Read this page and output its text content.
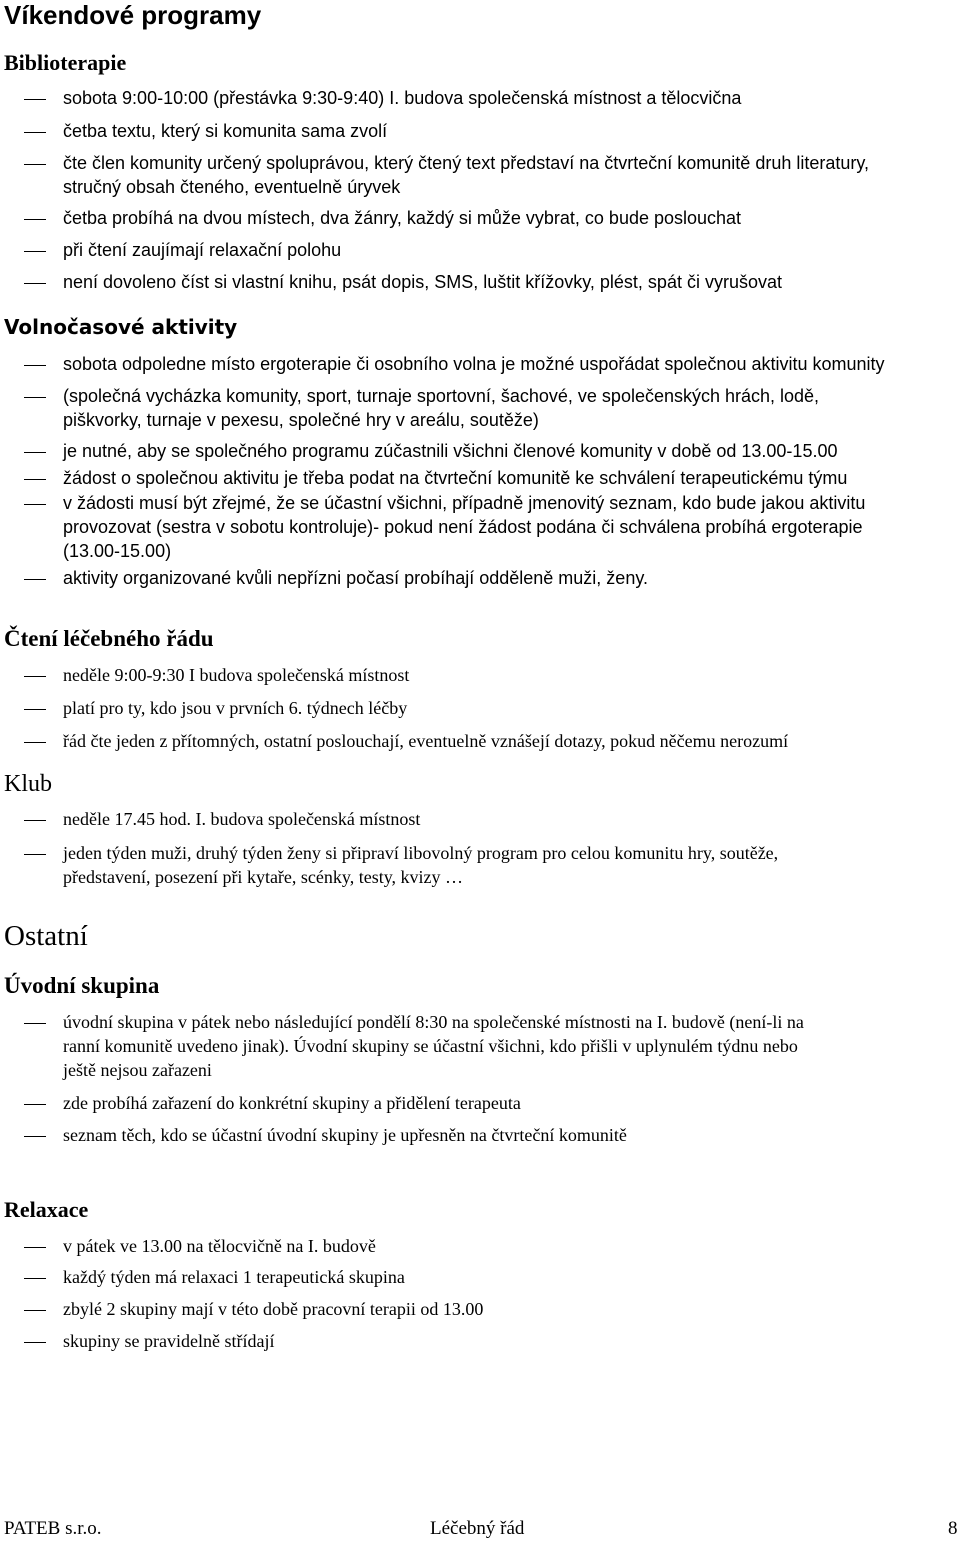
Víkendové programy
Biblioterapie
sobota 9:00-10:00 (přestávka 9:30-9:40) I. budova společenská místnost a tělocvična
četba textu, který si komunita sama zvolí
čte člen komunity určený spoluprávou, který čtený text představí na čtvrteční komunitě druh literatury,
stručný obsah čteného, eventuelně úryvek
četba probíhá na dvou místech, dva žánry, každý si může vybrat, co bude poslouchat
při čtení zaujímají relaxační polohu
není dovoleno číst si vlastní knihu, psát dopis, SMS, luštit křížovky, plést, spát či vyrušovat
Volnočasové aktivity
sobota odpoledne místo ergoterapie či osobního volna je možné uspořádat společnou aktivitu komunity
(společná vycházka komunity, sport, turnaje sportovní, šachové, ve společenských hrách, lodě,
piškvorky, turnaje v pexesu, společné hry v areálu, soutěže)
je nutné, aby se společného programu zúčastnili všichni členové komunity v době od 13.00-15.00
žádost o společnou aktivitu je třeba podat na čtvrteční komunitě ke schválení terapeutickému týmu
v žádosti musí být zřejmé, že se účastní všichni, případně jmenovitý seznam, kdo bude jakou aktivitu
provozovat (sestra v sobotu kontroluje)- pokud není žádost podána či schválena probíhá ergoterapie
(13.00-15.00)
aktivity organizované kvůli nepřízni počasí probíhají odděleně muži, ženy.
Čtení léčebného řádu
neděle 9:00-9:30 I budova společenská místnost
platí pro ty, kdo jsou v prvních 6. týdnech léčby
řád čte jeden z přítomných, ostatní poslouchají, eventuelně vznášejí dotazy, pokud něčemu nerozumí
Klub
neděle 17.45 hod. I. budova společenská místnost
jeden týden muži, druhý týden ženy si připraví libovolný program pro celou komunitu hry, soutěže,
představení, posezení při kytaře, scénky, testy, kvizy …
Ostatní
Úvodní skupina
úvodní skupina v pátek nebo následující pondělí 8:30 na společenské místnosti na I. budově (není-li na
ranní komunitě uvedeno jinak). Úvodní skupiny se účastní všichni, kdo přišli v uplynulém týdnu nebo
ještě nejsou zařazeni
zde probíhá zařazení do konkrétní skupiny a přidělení terapeuta
seznam těch, kdo se účastní úvodní skupiny je upřesněn na čtvrteční komunitě
Relaxace
v pátek ve 13.00 na tělocvičně na I. budově
každý týden má relaxaci 1 terapeutická skupina
zbylé 2 skupiny mají v této době pracovní terapii od 13.00
skupiny se pravidelně střídají
PATEB s.r.o.	Léčebný řád	8
